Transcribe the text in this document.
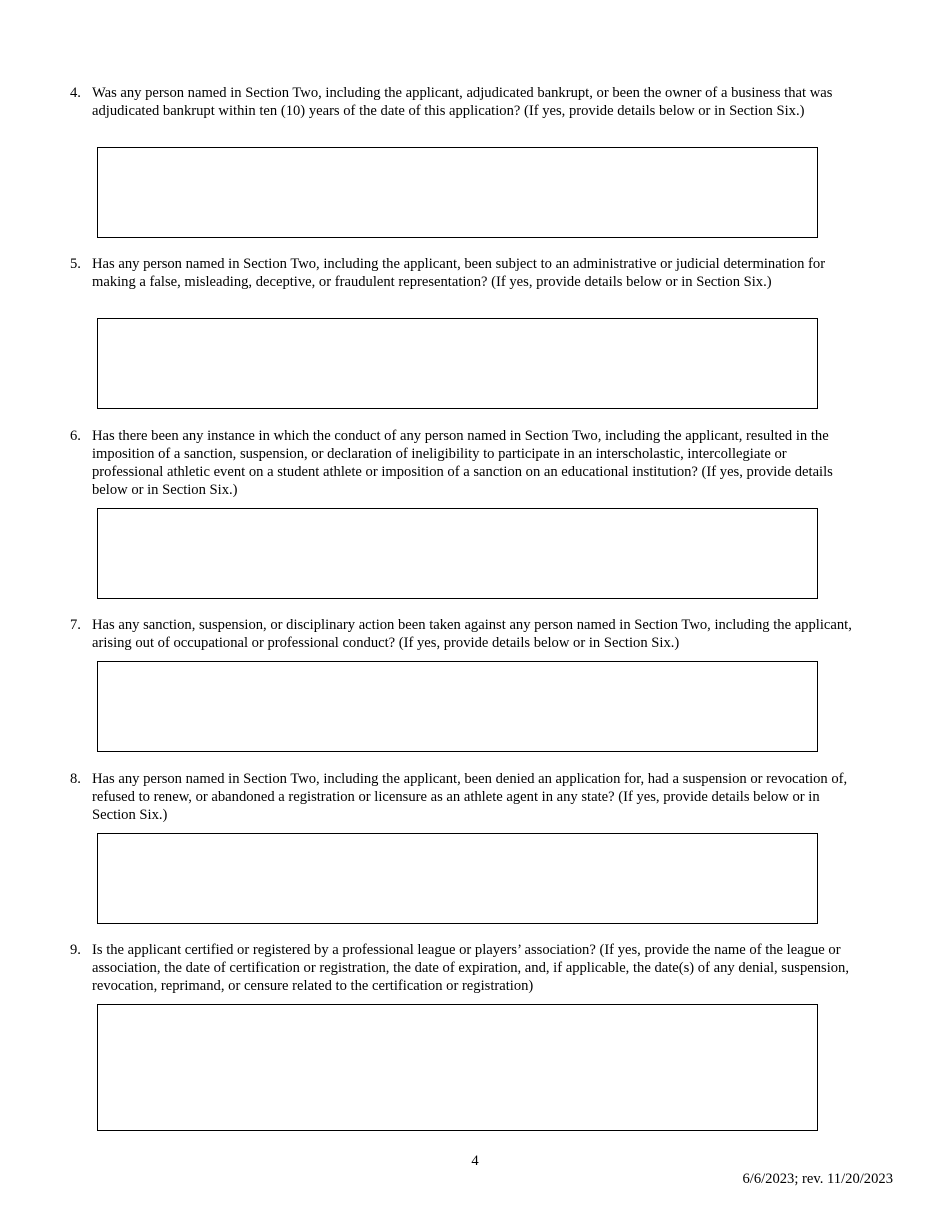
4. Was any person named in Section Two, including the applicant, adjudicated bankrupt, or been the owner of a business that was adjudicated bankrupt within ten (10) years of the date of this application? (If yes, provide details below or in Section Six.)
5. Has any person named in Section Two, including the applicant, been subject to an administrative or judicial determination for making a false, misleading, deceptive, or fraudulent representation? (If yes, provide details below or in Section Six.)
6. Has there been any instance in which the conduct of any person named in Section Two, including the applicant, resulted in the imposition of a sanction, suspension, or declaration of ineligibility to participate in an interscholastic, intercollegiate or professional athletic event on a student athlete or imposition of a sanction on an educational institution? (If yes, provide details below or in Section Six.)
7. Has any sanction, suspension, or disciplinary action been taken against any person named in Section Two, including the applicant, arising out of occupational or professional conduct? (If yes, provide details below or in Section Six.)
8. Has any person named in Section Two, including the applicant, been denied an application for, had a suspension or revocation of, refused to renew, or abandoned a registration or licensure as an athlete agent in any state? (If yes, provide details below or in Section Six.)
9. Is the applicant certified or registered by a professional league or players’ association? (If yes, provide the name of the league or association, the date of certification or registration, the date of expiration, and, if applicable, the date(s) of any denial, suspension, revocation, reprimand, or censure related to the certification or registration)
4
6/6/2023; rev. 11/20/2023
